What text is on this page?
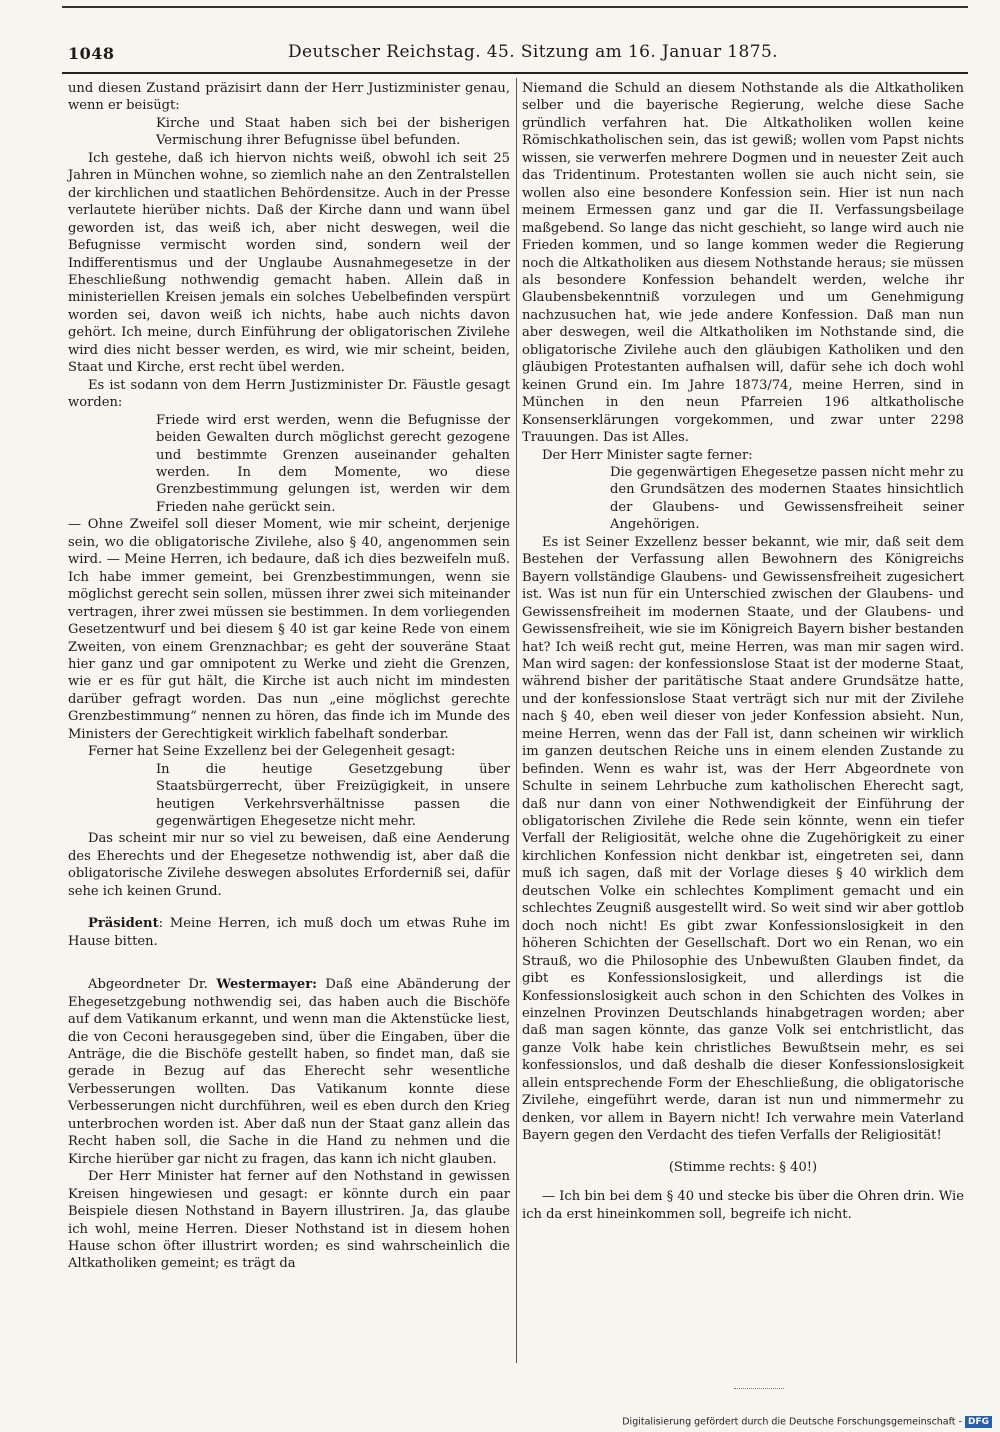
1048	Deutscher Reichstag. 45. Sitzung am 16. Januar 1875.

und diesen Zustand präzisirt dann der Herr Justizminister genau, wenn er beisügt:

Kirche und Staat haben sich bei der bisherigen Vermischung ihrer Befugnisse übel befunden.

Ich gestehe, daß ich hiervon nichts weiß, obwohl ich seit 25 Jahren in München wohne, so ziemlich nahe an den Zentralstellen der kirchlichen und staatlichen Behördensitze. Auch in der Presse verlautete hierüber nichts. Daß der Kirche dann und wann übel geworden ist, das weiß ich, aber nicht deswegen, weil die Befugnisse vermischt worden sind, sondern weil der Indifferentismus und der Unglaube Ausnahmegesetze in der Eheschließung nothwendig gemacht haben. Allein daß in ministeriellen Kreisen jemals ein solches Uebelbefinden verspürt worden sei, davon weiß ich nichts, habe auch nichts davon gehört. Ich meine, durch Einführung der obligatorischen Zivilehe wird dies nicht besser werden, es wird, wie mir scheint, beiden, Staat und Kirche, erst recht übel werden.

Es ist sodann von dem Herrn Justizminister Dr. Fäustle gesagt worden:

Friede wird erst werden, wenn die Befugnisse der beiden Gewalten durch möglichst gerecht gezogene und bestimmte Grenzen auseinander gehalten werden. In dem Momente, wo diese Grenzbestimmung gelungen ist, werden wir dem Frieden nahe gerückt sein.

— Ohne Zweifel soll dieser Moment, wie mir scheint, derjenige sein, wo die obligatorische Zivilehe, also § 40, angenommen sein wird. — Meine Herren, ich bedaure, daß ich dies bezweifeln muß. Ich habe immer gemeint, bei Grenzbestimmungen, wenn sie möglichst gerecht sein sollen, müssen ihrer zwei sich miteinander vertragen, ihrer zwei müssen sie bestimmen. In dem vorliegenden Gesetzentwurf und bei diesem § 40 ist gar keine Rede von einem Zweiten, von einem Grenznachbar; es geht der souveräne Staat hier ganz und gar omnipotent zu Werke und zieht die Grenzen, wie er es für gut hält, die Kirche ist auch nicht im mindesten darüber gefragt worden. Das nun „eine möglichst gerechte Grenzbestimmung“ nennen zu hören, das finde ich im Munde des Ministers der Gerechtigkeit wirklich fabelhaft sonderbar.

Ferner hat Seine Exzellenz bei der Gelegenheit gesagt:

In die heutige Gesetzgebung über Staatsbürgerrecht, über Freizügigkeit, in unsere heutigen Verkehrsverhältnisse passen die gegenwärtigen Ehegesetze nicht mehr.

Das scheint mir nur so viel zu beweisen, daß eine Aenderung des Eherechts und der Ehegesetze nothwendig ist, aber daß die obligatorische Zivilehe deswegen absolutes Erforderniß sei, dafür sehe ich keinen Grund.

Präsident: Meine Herren, ich muß doch um etwas Ruhe im Hause bitten.

Abgeordneter Dr. Westermayer: Daß eine Abänderung der Ehegesetzgebung nothwendig sei, das haben auch die Bischöfe auf dem Vatikanum erkannt, und wenn man die Aktenstücke liest, die von Ceconi herausgegeben sind, über die Eingaben, über die Anträge, die die Bischöfe gestellt haben, so findet man, daß sie gerade in Bezug auf das Eherecht sehr wesentliche Verbesserungen wollten. Das Vatikanum konnte diese Verbesserungen nicht durchführen, weil es eben durch den Krieg unterbrochen worden ist. Aber daß nun der Staat ganz allein das Recht haben soll, die Sache in die Hand zu nehmen und die Kirche hierüber gar nicht zu fragen, das kann ich nicht glauben.

Der Herr Minister hat ferner auf den Nothstand in gewissen Kreisen hingewiesen und gesagt: er könnte durch ein paar Beispiele diesen Nothstand in Bayern illustriren. Ja, das glaube ich wohl, meine Herren. Dieser Nothstand ist in diesem hohen Hause schon öfter illustrirt worden; es sind wahrscheinlich die Altkatholiken gemeint; es trägt da

Niemand die Schuld an diesem Nothstande als die Altkatholiken selber und die bayerische Regierung, welche diese Sache gründlich verfahren hat. Die Altkatholiken wollen keine Römischkatholischen sein, das ist gewiß; wollen vom Papst nichts wissen, sie verwerfen mehrere Dogmen und in neuester Zeit auch das Tridentinum. Protestanten wollen sie auch nicht sein, sie wollen also eine besondere Konfession sein. Hier ist nun nach meinem Ermessen ganz und gar die II. Verfassungsbeilage maßgebend. So lange das nicht geschieht, so lange wird auch nie Frieden kommen, und so lange kommen weder die Regierung noch die Altkatholiken aus diesem Nothstande heraus; sie müssen als besondere Konfession behandelt werden, welche ihr Glaubensbekenntniß vorzulegen und um Genehmigung nachzusuchen hat, wie jede andere Konfession. Daß man nun aber deswegen, weil die Altkatholiken im Nothstande sind, die obligatorische Zivilehe auch den gläubigen Katholiken und den gläubigen Protestanten aufhalsen will, dafür sehe ich doch wohl keinen Grund ein. Im Jahre 1873/74, meine Herren, sind in München in den neun Pfarreien 196 altkatholische Konsenserklärungen vorgekommen, und zwar unter 2298 Trauungen. Das ist Alles.

Der Herr Minister sagte ferner:

Die gegenwärtigen Ehegesetze passen nicht mehr zu den Grundsätzen des modernen Staates hinsichtlich der Glaubens- und Gewissensfreiheit seiner Angehörigen.

Es ist Seiner Exzellenz besser bekannt, wie mir, daß seit dem Bestehen der Verfassung allen Bewohnern des Königreichs Bayern vollständige Glaubens- und Gewissensfreiheit zugesichert ist. Was ist nun für ein Unterschied zwischen der Glaubens- und Gewissensfreiheit im modernen Staate, und der Glaubens- und Gewissensfreiheit, wie sie im Königreich Bayern bisher bestanden hat? Ich weiß recht gut, meine Herren, was man mir sagen wird. Man wird sagen: der konfessionslose Staat ist der moderne Staat, während bisher der paritätische Staat andere Grundsätze hatte, und der konfessionslose Staat verträgt sich nur mit der Zivilehe nach § 40, eben weil dieser von jeder Konfession absieht. Nun, meine Herren, wenn das der Fall ist, dann scheinen wir wirklich im ganzen deutschen Reiche uns in einem elenden Zustande zu befinden. Wenn es wahr ist, was der Herr Abgeordnete von Schulte in seinem Lehrbuche zum katholischen Eherecht sagt, daß nur dann von einer Nothwendigkeit der Einführung der obligatorischen Zivilehe die Rede sein könnte, wenn ein tiefer Verfall der Religiosität, welche ohne die Zugehörigkeit zu einer kirchlichen Konfession nicht denkbar ist, eingetreten sei, dann muß ich sagen, daß mit der Vorlage dieses § 40 wirklich dem deutschen Volke ein schlechtes Kompliment gemacht und ein schlechtes Zeugniß ausgestellt wird. So weit sind wir aber gottlob doch noch nicht! Es gibt zwar Konfessionslosigkeit in den höheren Schichten der Gesellschaft. Dort wo ein Renan, wo ein Strauß, wo die Philosophie des Unbewußten Glauben findet, da gibt es Konfessionslosigkeit, und allerdings ist die Konfessionslosigkeit auch schon in den Schichten des Volkes in einzelnen Provinzen Deutschlands hinabgetragen worden; aber daß man sagen könnte, das ganze Volk sei entchristlicht, das ganze Volk habe kein christliches Bewußtsein mehr, es sei konfessionslos, und daß deshalb die dieser Konfessionslosigkeit allein entsprechende Form der Eheschließung, die obligatorische Zivilehe, eingeführt werde, daran ist nun und nimmermehr zu denken, vor allem in Bayern nicht! Ich verwahre mein Vaterland Bayern gegen den Verdacht des tiefen Verfalls der Religiosität!

(Stimme rechts: § 40!)

— Ich bin bei dem § 40 und stecke bis über die Ohren drin. Wie ich da erst hineinkommen soll, begreife ich nicht.

Digitalisierung gefördert durch die Deutsche Forschungsgemeinschaft - DFG
